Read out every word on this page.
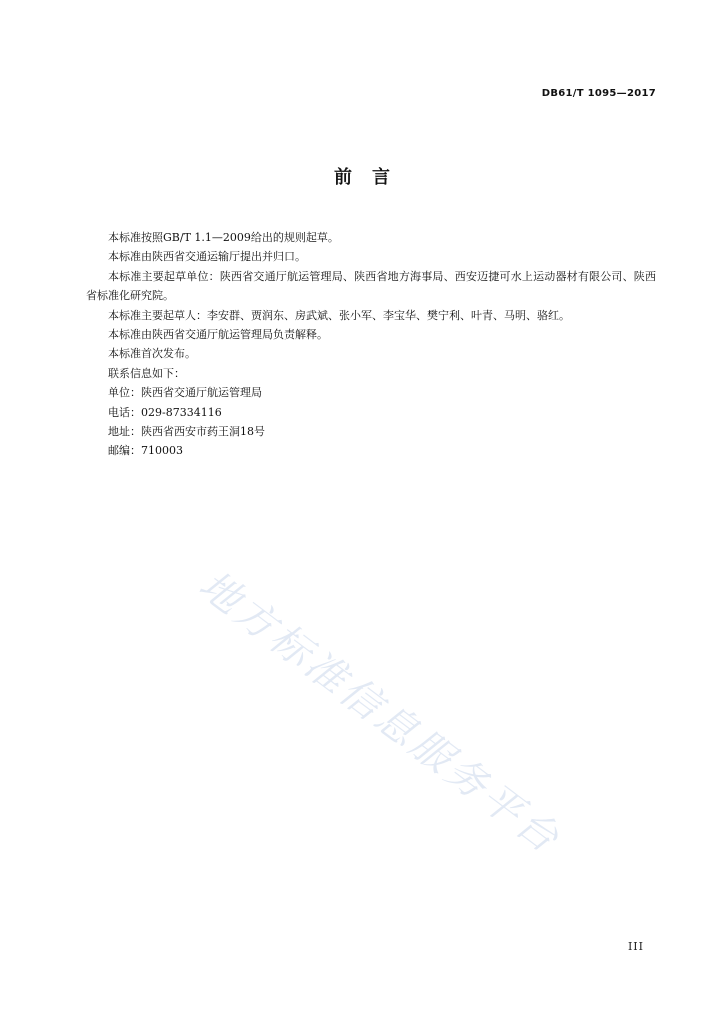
DB61/T 1095—2017
前言

本标准按照GB/T 1.1—2009给出的规则起草。

本标准由陕西省交通运输厅提出并归口。

本标准主要起草单位：陕西省交通厅航运管理局、陕西省地方海事局、西安迈捷可水上运动器材有限公司、陕西省标准化研究院。

本标准主要起草人：李安群、贾润东、房武斌、张小军、李宝华、樊宁利、叶青、马明、骆红。

本标准由陕西省交通厅航运管理局负责解释。

本标准首次发布。

联系信息如下：

单位：陕西省交通厅航运管理局

电话：029-87334116

地址：陕西省西安市药王洞18号

邮编：710003

地方标准信息服务平台
III
